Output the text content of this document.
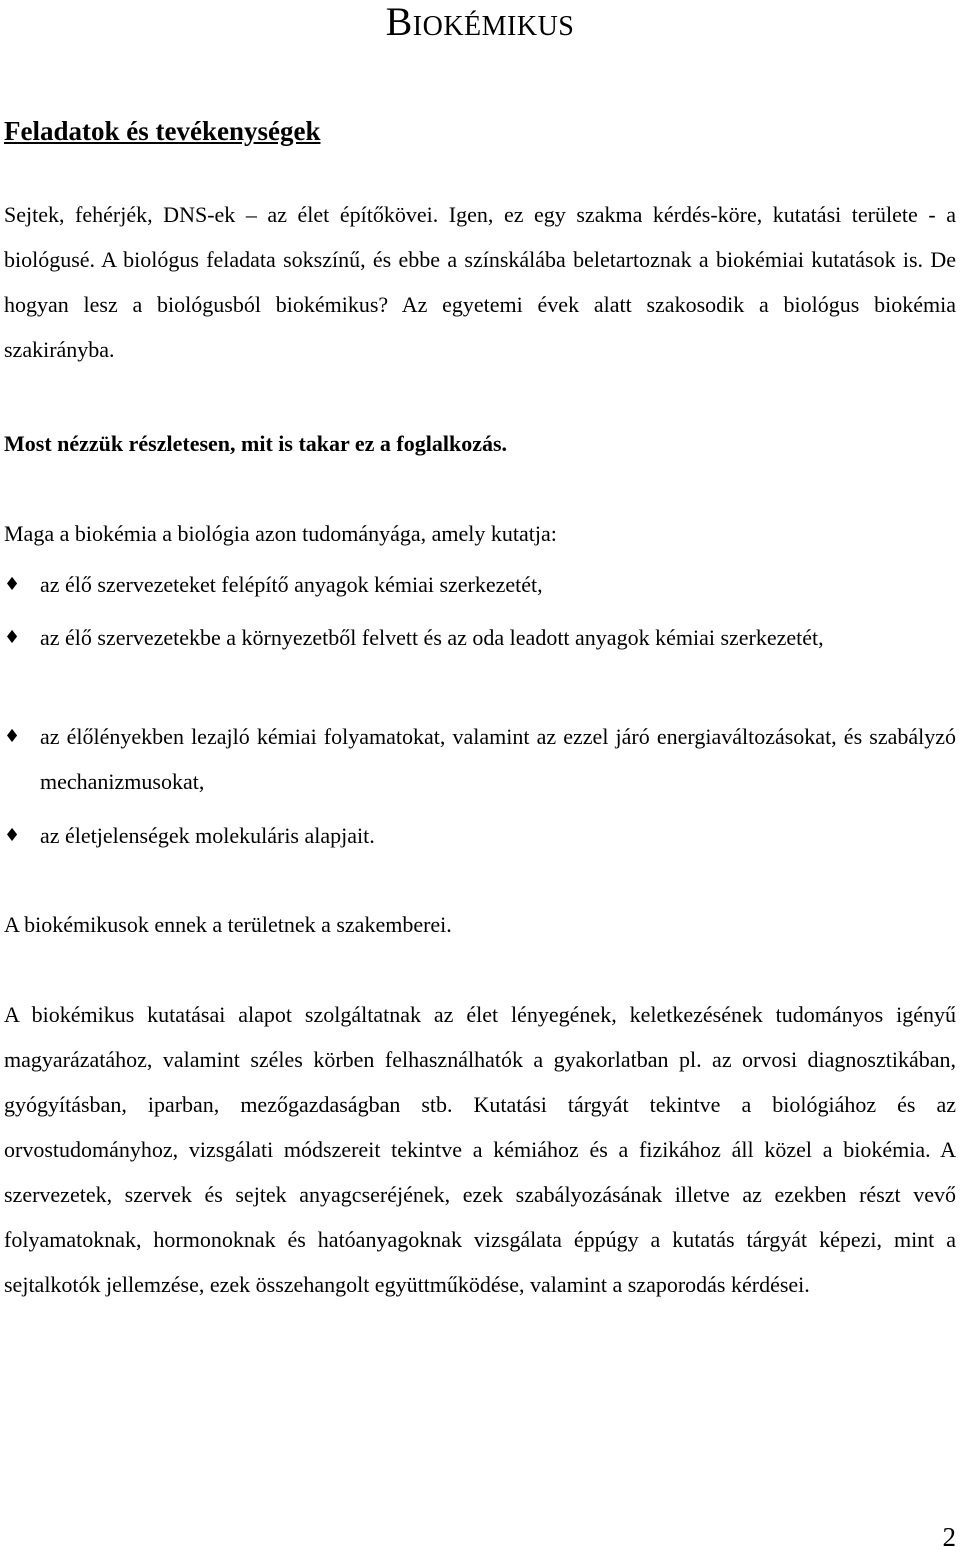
Biokémikus
Feladatok és tevékenységek

Sejtek, fehérjék, DNS-ek – az élet építőkövei. Igen, ez egy szakma kérdés-köre, kutatási területe - a biológusé. A biológus feladata sokszínű, és ebbe a színskálába beletartoznak a biokémiai kutatások is. De hogyan lesz a biológusból biokémikus? Az egyetemi évek alatt szakosodik a biológus biokémia szakirányba.

Most nézzük részletesen, mit is takar ez a foglalkozás.

Maga a biokémia a biológia azon tudományága, amely kutatja:

♦ az élő szervezeteket felépítő anyagok kémiai szerkezetét,
♦ az élő szervezetekbe a környezetből felvett és az oda leadott anyagok kémiai szerkezetét,
♦ az élőlényekben lezajló kémiai folyamatokat, valamint az ezzel járó energiaváltozásokat, és szabályzó mechanizmusokat,
♦ az életjelenségek molekuláris alapjait.

A biokémikusok ennek a területnek a szakemberei.

A biokémikus kutatásai alapot szolgáltatnak az élet lényegének, keletkezésének tudományos igényű magyarázatához, valamint széles körben felhasználhatók a gyakorlatban pl. az orvosi diagnosztikában, gyógyításban, iparban, mezőgazdaságban stb. Kutatási tárgyát tekintve a biológiához és az orvostudományhoz, vizsgálati módszereit tekintve a kémiához és a fizikához áll közel a biokémia. A szervezetek, szervek és sejtek anyagcseréjének, ezek szabályozásának illetve az ezekben részt vevő folyamatoknak, hormonoknak és hatóanyagoknak vizsgálata éppúgy a kutatás tárgyát képezi, mint a sejtalkotók jellemzése, ezek összehangolt együttműködése, valamint a szaporodás kérdései.

2
